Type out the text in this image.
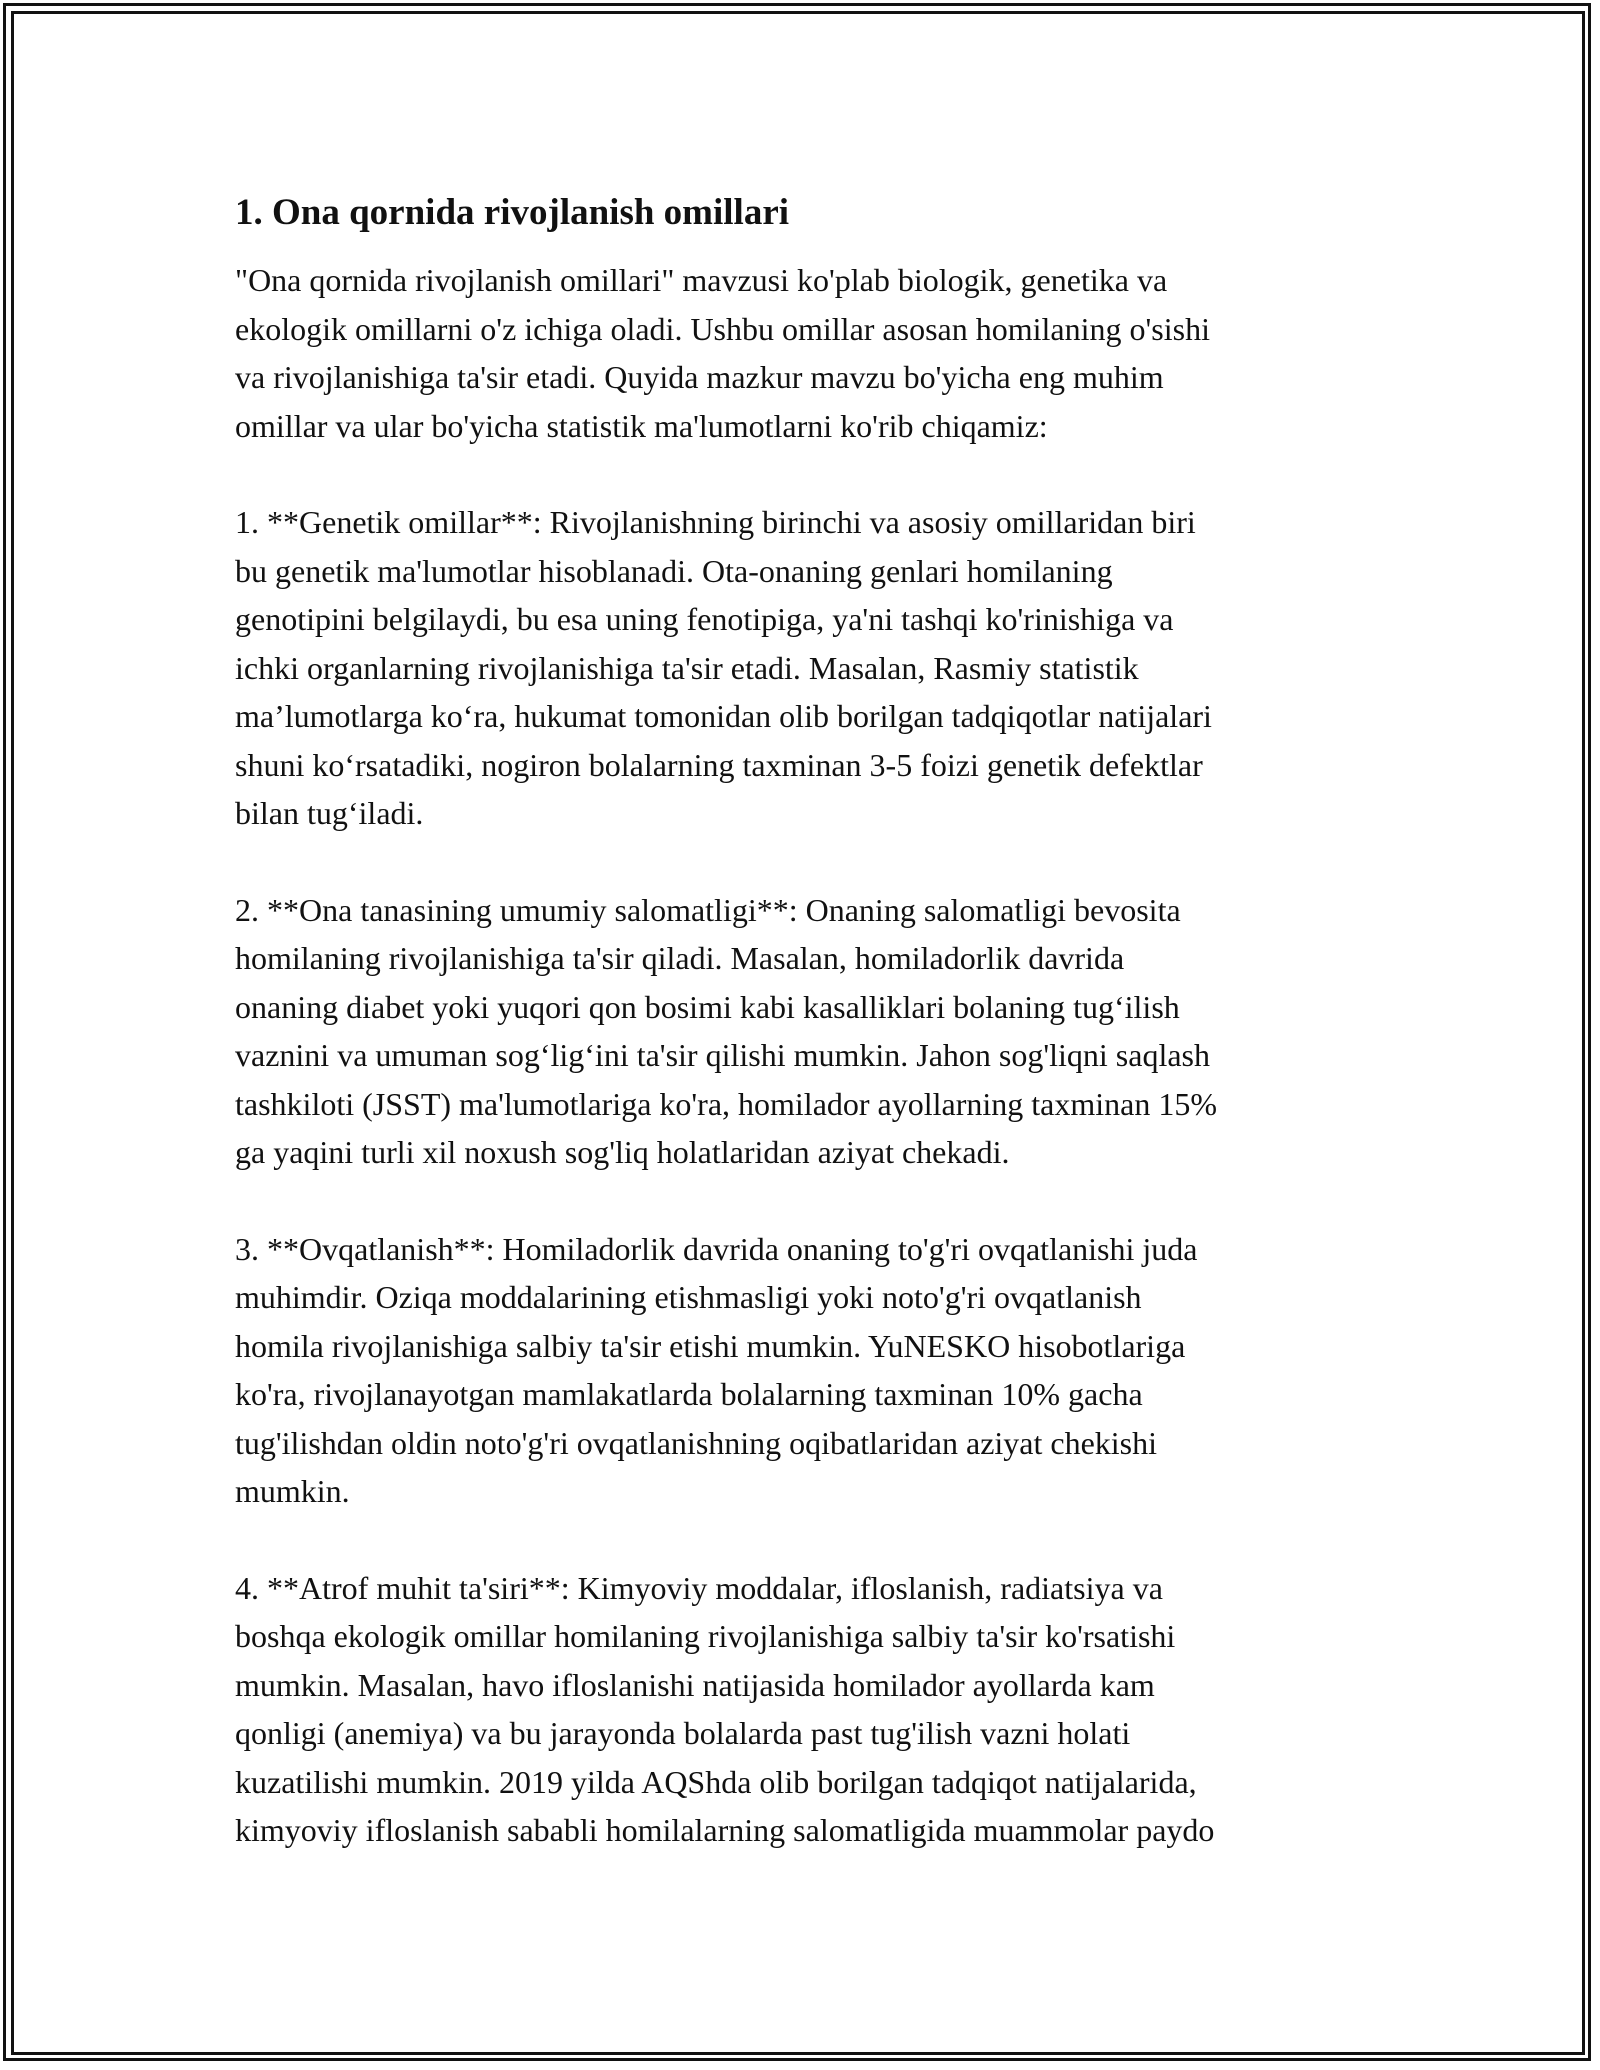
1. Ona qornida rivojlanish omillari

"Ona qornida rivojlanish omillari" mavzusi ko'plab biologik, genetika va
ekologik omillarni o'z ichiga oladi. Ushbu omillar asosan homilaning o'sishi
va rivojlanishiga ta'sir etadi. Quyida mazkur mavzu bo'yicha eng muhim
omillar va ular bo'yicha statistik ma'lumotlarni ko'rib chiqamiz:

1. **Genetik omillar**: Rivojlanishning birinchi va asosiy omillaridan biri
bu genetik ma'lumotlar hisoblanadi. Ota-onaning genlari homilaning
genotipini belgilaydi, bu esa uning fenotipiga, ya'ni tashqi ko'rinishiga va
ichki organlarning rivojlanishiga ta'sir etadi. Masalan, Rasmiy statistik
ma’lumotlarga ko‘ra, hukumat tomonidan olib borilgan tadqiqotlar natijalari
shuni ko‘rsatadiki, nogiron bolalarning taxminan 3-5 foizi genetik defektlar
bilan tug‘iladi.

2. **Ona tanasining umumiy salomatligi**: Onaning salomatligi bevosita
homilaning rivojlanishiga ta'sir qiladi. Masalan, homiladorlik davrida
onaning diabet yoki yuqori qon bosimi kabi kasalliklari bolaning tug‘ilish
vaznini va umuman sog‘lig‘ini ta'sir qilishi mumkin. Jahon sog'liqni saqlash
tashkiloti (JSST) ma'lumotlariga ko'ra, homilador ayollarning taxminan 15%
ga yaqini turli xil noxush sog'liq holatlaridan aziyat chekadi.

3. **Ovqatlanish**: Homiladorlik davrida onaning to'g'ri ovqatlanishi juda
muhimdir. Oziqa moddalarining etishmasligi yoki noto'g'ri ovqatlanish
homila rivojlanishiga salbiy ta'sir etishi mumkin. YuNESKO hisobotlariga
ko'ra, rivojlanayotgan mamlakatlarda bolalarning taxminan 10% gacha
tug'ilishdan oldin noto'g'ri ovqatlanishning oqibatlaridan aziyat chekishi
mumkin.

4. **Atrof muhit ta'siri**: Kimyoviy moddalar, ifloslanish, radiatsiya va
boshqa ekologik omillar homilaning rivojlanishiga salbiy ta'sir ko'rsatishi
mumkin. Masalan, havo ifloslanishi natijasida homilador ayollarda kam
qonligi (anemiya) va bu jarayonda bolalarda past tug'ilish vazni holati
kuzatilishi mumkin. 2019 yilda AQShda olib borilgan tadqiqot natijalarida,
kimyoviy ifloslanish sababli homilalarning salomatligida muammolar paydo
